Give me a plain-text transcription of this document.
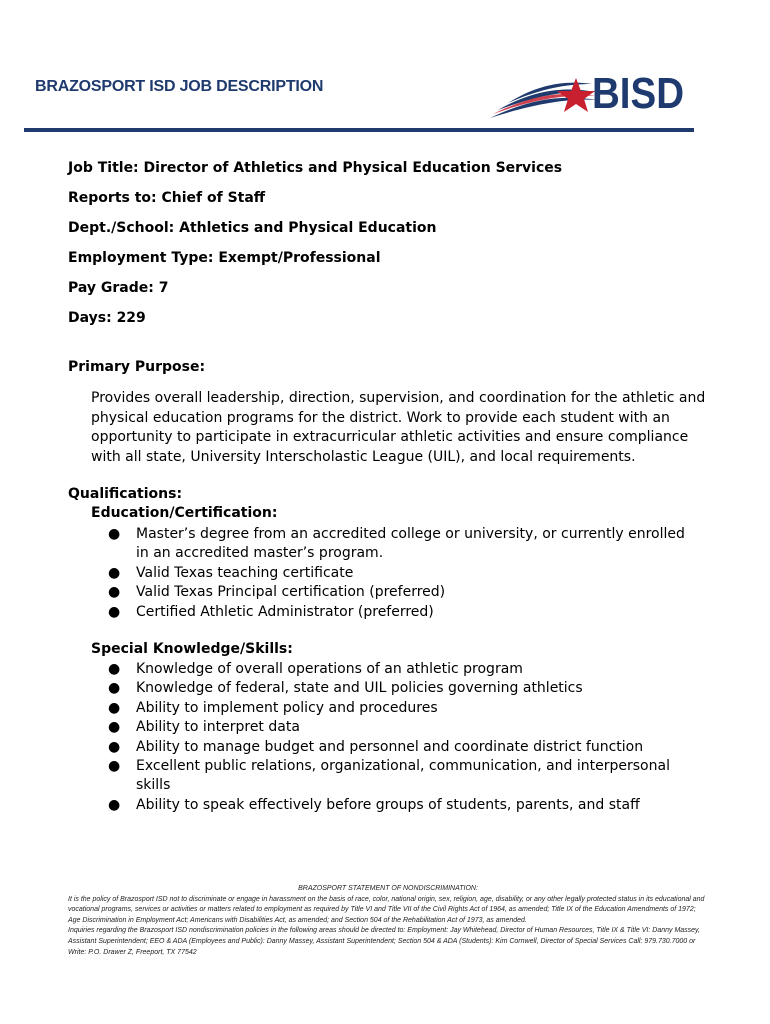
BRAZOSPORT ISD JOB DESCRIPTION	BISD
Job Title: Director of Athletics and Physical Education Services
Reports to: Chief of Staff
Dept./School: Athletics and Physical Education
Employment Type: Exempt/Professional
Pay Grade: 7
Days: 229
Primary Purpose:
Provides overall leadership, direction, supervision, and coordination for the athletic and physical education programs for the district. Work to provide each student with an opportunity to participate in extracurricular athletic activities and ensure compliance with all state, University Interscholastic League (UIL), and local requirements.
Qualifications:
Education/Certification:
● Master’s degree from an accredited college or university, or currently enrolled in an accredited master’s program.
● Valid Texas teaching certificate
● Valid Texas Principal certification (preferred)
● Certified Athletic Administrator (preferred)
Special Knowledge/Skills:
● Knowledge of overall operations of an athletic program
● Knowledge of federal, state and UIL policies governing athletics
● Ability to implement policy and procedures
● Ability to interpret data
● Ability to manage budget and personnel and coordinate district function
● Excellent public relations, organizational, communication, and interpersonal skills
● Ability to speak effectively before groups of students, parents, and staff
BRAZOSPORT STATEMENT OF NONDISCRIMINATION:
It is the policy of Brazosport ISD not to discriminate or engage in harassment on the basis of race, color, national origin, sex, religion, age, disability, or any other legally protected status in its educational and vocational programs, services or activities or matters related to employment as required by Title VI and Title VII of the Civil Rights Act of 1964, as amended; Title IX of the Education Amendments of 1972; Age Discrimination in Employment Act; Americans with Disabilities Act, as amended; and Section 504 of the Rehabilitation Act of 1973, as amended.
Inquiries regarding the Brazosport ISD nondiscrimination policies in the following areas should be directed to: Employment: Jay Whitehead, Director of Human Resources, Title IX & Title VI: Danny Massey, Assistant Superintendent; EEO & ADA (Employees and Public): Danny Massey, Assistant Superintendent; Section 504 & ADA (Students): Kim Cornwell, Director of Special Services Call: 979.730.7000 or Write: P.O. Drawer Z, Freeport, TX 77542
